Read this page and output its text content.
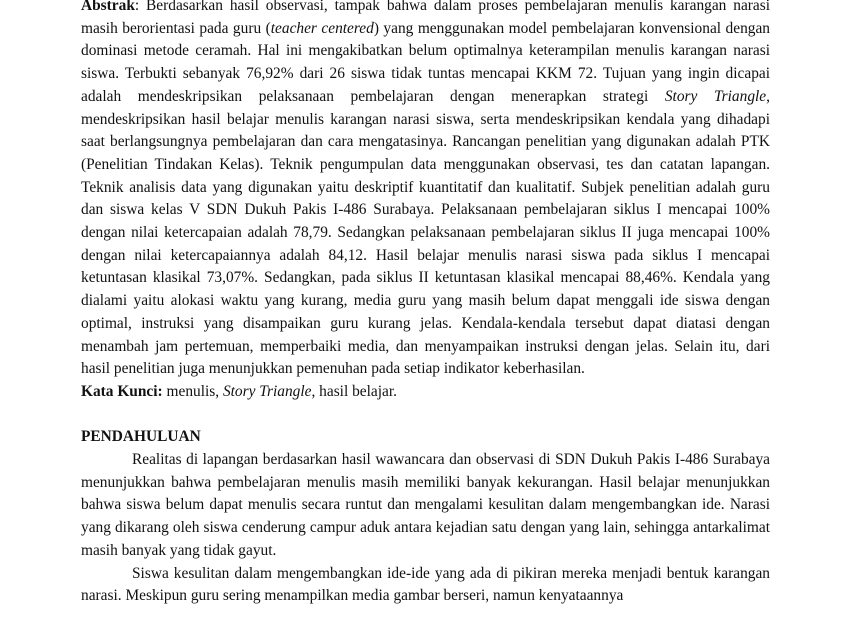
Abstrak: Berdasarkan hasil observasi, tampak bahwa dalam proses pembelajaran menulis karangan narasi masih berorientasi pada guru (teacher centered) yang menggunakan model pembelajaran konvensional dengan dominasi metode ceramah. Hal ini mengakibatkan belum optimalnya keterampilan menulis karangan narasi siswa. Terbukti sebanyak 76,92% dari 26 siswa tidak tuntas mencapai KKM 72. Tujuan yang ingin dicapai adalah mendeskripsikan pelaksanaan pembelajaran dengan menerapkan strategi Story Triangle, mendeskripsikan hasil belajar menulis karangan narasi siswa, serta mendeskripsikan kendala yang dihadapi saat berlangsungnya pembelajaran dan cara mengatasinya. Rancangan penelitian yang digunakan adalah PTK (Penelitian Tindakan Kelas). Teknik pengumpulan data menggunakan observasi, tes dan catatan lapangan. Teknik analisis data yang digunakan yaitu deskriptif kuantitatif dan kualitatif. Subjek penelitian adalah guru dan siswa kelas V SDN Dukuh Pakis I-486 Surabaya. Pelaksanaan pembelajaran siklus I mencapai 100% dengan nilai ketercapaian adalah 78,79. Sedangkan pelaksanaan pembelajaran siklus II juga mencapai 100% dengan nilai ketercapaiannya adalah 84,12. Hasil belajar menulis narasi siswa pada siklus I mencapai ketuntasan klasikal 73,07%. Sedangkan, pada siklus II ketuntasan klasikal mencapai 88,46%. Kendala yang dialami yaitu alokasi waktu yang kurang, media guru yang masih belum dapat menggali ide siswa dengan optimal, instruksi yang disampaikan guru kurang jelas. Kendala-kendala tersebut dapat diatasi dengan menambah jam pertemuan, memperbaiki media, dan menyampaikan instruksi dengan jelas. Selain itu, dari hasil penelitian juga menunjukkan pemenuhan pada setiap indikator keberhasilan.

Kata Kunci: menulis, Story Triangle, hasil belajar.

PENDAHULUAN

Realitas di lapangan berdasarkan hasil wawancara dan observasi di SDN Dukuh Pakis I-486 Surabaya menunjukkan bahwa pembelajaran menulis masih memiliki banyak kekurangan. Hasil belajar menunjukkan bahwa siswa belum dapat menulis secara runtut dan mengalami kesulitan dalam mengembangkan ide. Narasi yang dikarang oleh siswa cenderung campur aduk antara kejadian satu dengan yang lain, sehingga antarkalimat masih banyak yang tidak gayut.

Siswa kesulitan dalam mengembangkan ide-ide yang ada di pikiran mereka menjadi bentuk karangan narasi. Meskipun guru sering menampilkan media gambar berseri, namun kenyataannya
